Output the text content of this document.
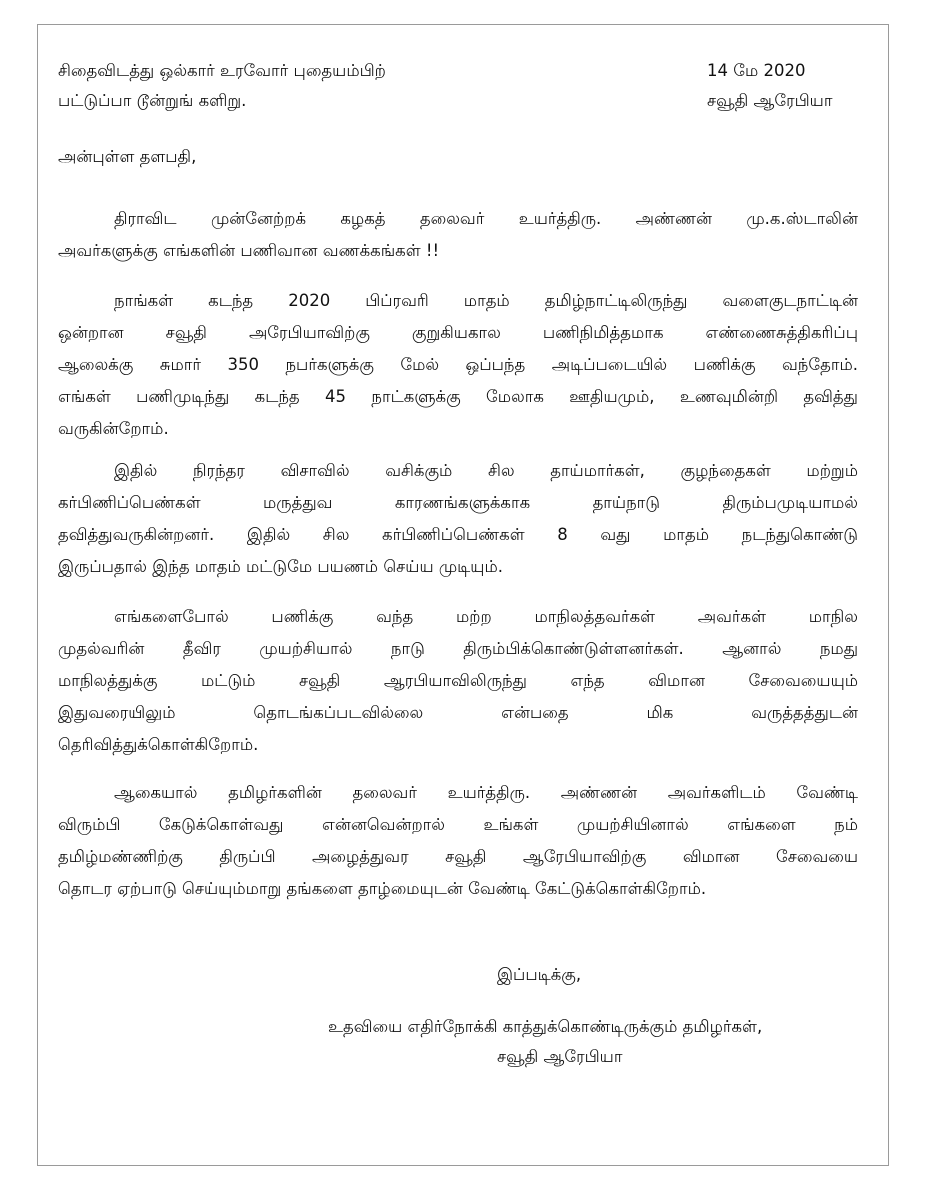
சிதைவிடத்து ஒல்கார் உரவோர் புதையம்பிற்
பட்டுப்பா டூன்றுங் களிறு.
14 மே 2020
சவூதி ஆரேபியா
அன்புள்ள தளபதி,
திராவிட முன்னேற்றக் கழகத் தலைவர் உயர்த்திரு. அண்ணன் மு.க.ஸ்டாலின்
அவர்களுக்கு எங்களின் பணிவான வணக்கங்கள் !!
நாங்கள் கடந்த 2020 பிப்ரவரி மாதம் தமிழ்நாட்டிலிருந்து வளைகுடநாட்டின்
ஒன்றான சவூதி அரேபியாவிற்கு குறுகியகால பணிநிமித்தமாக எண்ணைசுத்திகரிப்பு
ஆலைக்கு சுமார் 350 நபர்களுக்கு மேல் ஒப்பந்த அடிப்படையில் பணிக்கு வந்தோம்.
எங்கள் பணிமுடிந்து கடந்த 45 நாட்களுக்கு மேலாக ஊதியமும், உணவுமின்றி தவித்து
வருகின்றோம்.
இதில் நிரந்தர விசாவில் வசிக்கும் சில தாய்மார்கள், குழந்தைகள் மற்றும்
கர்பிணிப்பெண்கள் மருத்துவ காரணங்களுக்காக தாய்நாடு திரும்பமுடியாமல்
தவித்துவருகின்றனர். இதில் சில கர்பிணிப்பெண்கள் 8 வது மாதம் நடந்துகொண்டு
இருப்பதால் இந்த மாதம் மட்டுமே பயணம் செய்ய முடியும்.
எங்களைபோல் பணிக்கு வந்த மற்ற மாநிலத்தவர்கள் அவர்கள் மாநில
முதல்வரின் தீவிர முயற்சியால் நாடு திரும்பிக்கொண்டுள்ளனர்கள். ஆனால் நமது
மாநிலத்துக்கு மட்டும் சவூதி ஆரபியாவிலிருந்து எந்த விமான சேவையையும்
இதுவரையிலும் தொடங்கப்படவில்லை என்பதை மிக வருத்தத்துடன்
தெரிவித்துக்கொள்கிறோம்.
ஆகையால் தமிழர்களின் தலைவர் உயர்த்திரு. அண்ணன் அவர்களிடம் வேண்டி
விரும்பி கேடுக்கொள்வது என்னவென்றால் உங்கள் முயற்சியினால் எங்களை நம்
தமிழ்மண்ணிற்கு திருப்பி அழைத்துவர சவூதி ஆரேபியாவிற்கு விமான சேவையை
தொடர ஏற்பாடு செய்யும்மாறு தங்களை தாழ்மையுடன் வேண்டி கேட்டுக்கொள்கிறோம்.
இப்படிக்கு,
உதவியை எதிர்நோக்கி காத்துக்கொண்டிருக்கும் தமிழர்கள்,
சவூதி ஆரேபியா
